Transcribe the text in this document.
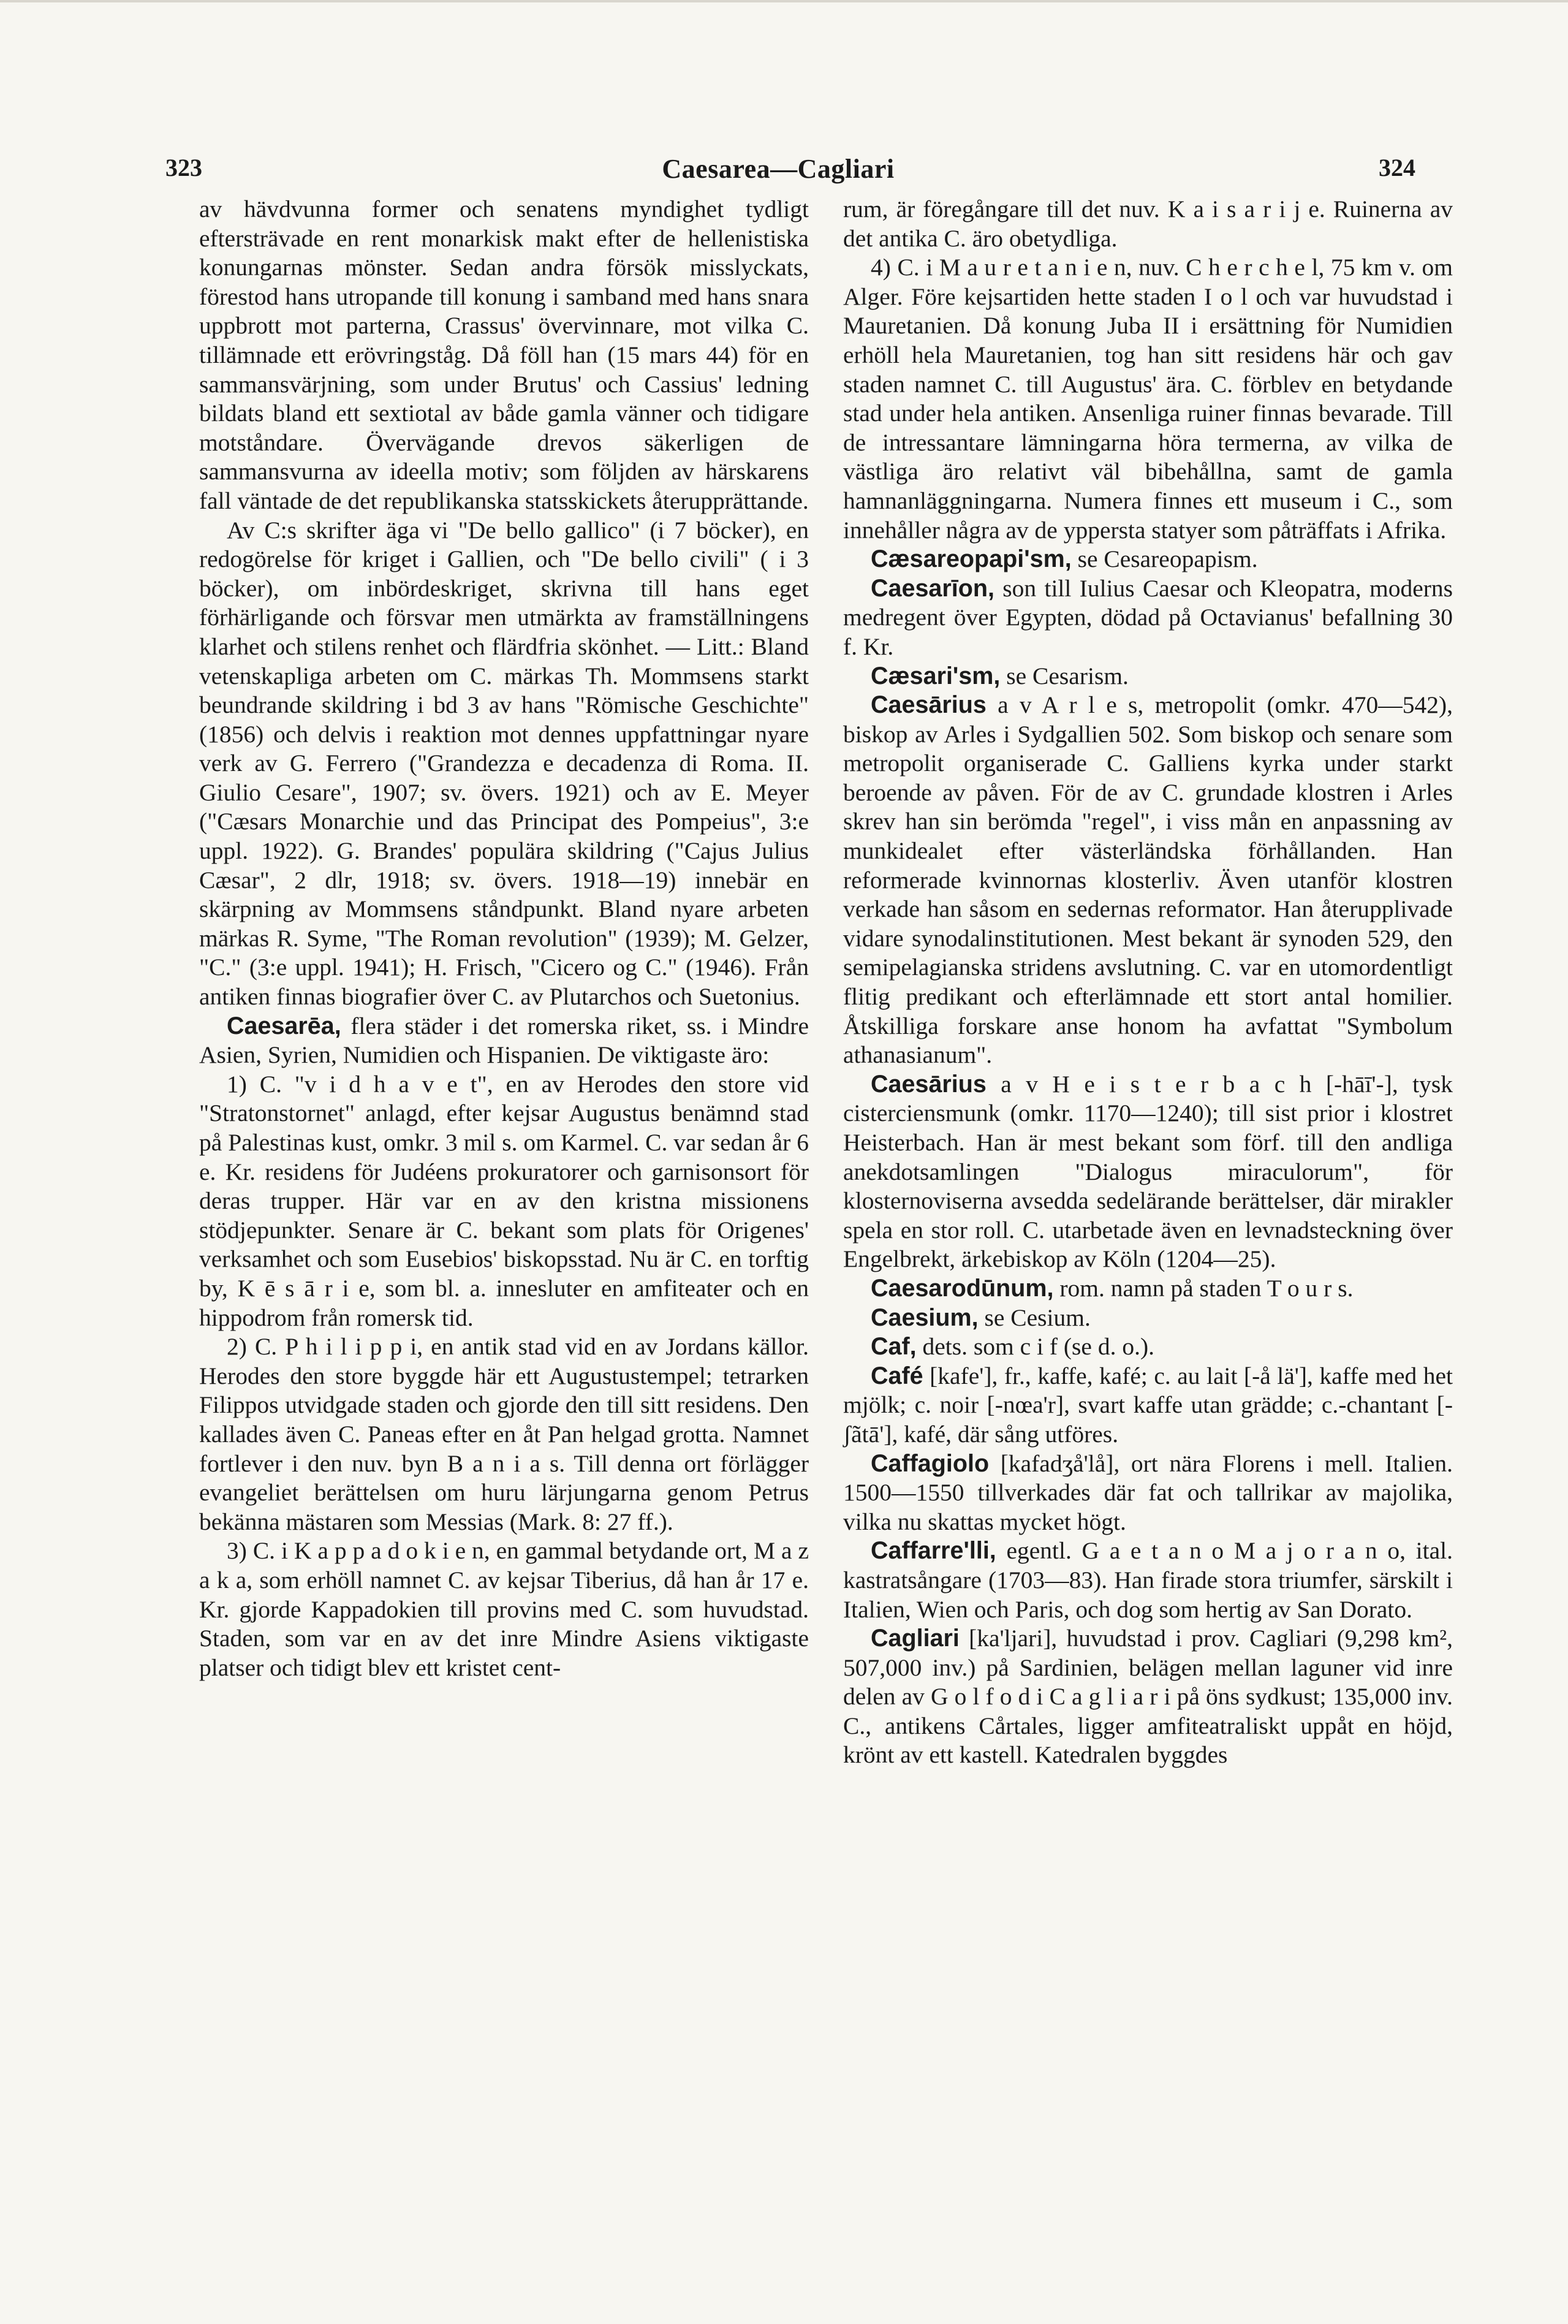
323	Caesarea—Cagliari	324

av hävdvunna former och senatens myndighet tydligt eftersträvade en rent monarkisk makt efter de hellenistiska konungarnas mönster. Sedan andra försök misslyckats, förestod hans utropande till konung i samband med hans snara uppbrott mot parterna, Crassus' övervinnare, mot vilka C. tillämnade ett erövringståg. Då föll han (15 mars 44) för en sammansvärjning, som under Brutus' och Cassius' ledning bildats bland ett sextiotal av både gamla vänner och tidigare motståndare. Övervägande drevos säkerligen de sammansvurna av ideella motiv; som följden av härskarens fall väntade de det republikanska statsskickets återupprättande.

Av C:s skrifter äga vi "De bello gallico" (i 7 böcker), en redogörelse för kriget i Gallien, och "De bello civili" ( i 3 böcker), om inbördeskriget, skrivna till hans eget förhärligande och försvar men utmärkta av framställningens klarhet och stilens renhet och flärdfria skönhet. — Litt.: Bland vetenskapliga arbeten om C. märkas Th. Mommsens starkt beundrande skildring i bd 3 av hans "Römische Geschichte" (1856) och delvis i reaktion mot dennes uppfattningar nyare verk av G. Ferrero ("Grandezza e decadenza di Roma. II. Giulio Cesare", 1907; sv. övers. 1921) och av E. Meyer ("Cæsars Monarchie und das Principat des Pompeius", 3:e uppl. 1922). G. Brandes' populära skildring ("Cajus Julius Cæsar", 2 dlr, 1918; sv. övers. 1918—19) innebär en skärpning av Mommsens ståndpunkt. Bland nyare arbeten märkas R. Syme, "The Roman revolution" (1939); M. Gelzer, "C." (3:e uppl. 1941); H. Frisch, "Cicero og C." (1946). Från antiken finnas biografier över C. av Plutarchos och Suetonius.

Caesarēa, flera städer i det romerska riket, ss. i Mindre Asien, Syrien, Numidien och Hispanien. De viktigaste äro:

1) C. "v i d h a v e t", en av Herodes den store vid "Stratonstornet" anlagd, efter kejsar Augustus benämnd stad på Palestinas kust, omkr. 3 mil s. om Karmel. C. var sedan år 6 e. Kr. residens för Judéens prokuratorer och garnisonsort för deras trupper. Här var en av den kristna missionens stödjepunkter. Senare är C. bekant som plats för Origenes' verksamhet och som Eusebios' biskopsstad. Nu är C. en torftig by, K ē s ā r i e, som bl. a. innesluter en amfiteater och en hippodrom från romersk tid.

2) C. P h i l i p p i, en antik stad vid en av Jordans källor. Herodes den store byggde här ett Augustustempel; tetrarken Filippos utvidgade staden och gjorde den till sitt residens. Den kallades även C. Paneas efter en åt Pan helgad grotta. Namnet fortlever i den nuv. byn B a n i a s. Till denna ort förlägger evangeliet berättelsen om huru lärjungarna genom Petrus bekänna mästaren som Messias (Mark. 8: 27 ff.).

3) C. i K a p p a d o k i e n, en gammal betydande ort, M a z a k a, som erhöll namnet C. av kejsar Tiberius, då han år 17 e. Kr. gjorde Kappadokien till provins med C. som huvudstad. Staden, som var en av det inre Mindre Asiens viktigaste platser och tidigt blev ett kristet cent-

rum, är föregångare till det nuv. K a i s a r i j e. Ruinerna av det antika C. äro obetydliga.

4) C. i M a u r e t a n i e n, nuv. C h e r c h e l, 75 km v. om Alger. Före kejsartiden hette staden I o l och var huvudstad i Mauretanien. Då konung Juba II i ersättning för Numidien erhöll hela Mauretanien, tog han sitt residens här och gav staden namnet C. till Augustus' ära. C. förblev en betydande stad under hela antiken. Ansenliga ruiner finnas bevarade. Till de intressantare lämningarna höra termerna, av vilka de västliga äro relativt väl bibehållna, samt de gamla hamnanläggningarna. Numera finnes ett museum i C., som innehåller några av de yppersta statyer som påträffats i Afrika.

Cæsareopapi'sm, se Cesareopapism.

Caesarīon, son till Iulius Caesar och Kleopatra, moderns medregent över Egypten, dödad på Octavianus' befallning 30 f. Kr.

Cæsari'sm, se Cesarism.

Caesārius a v A r l e s, metropolit (omkr. 470—542), biskop av Arles i Sydgallien 502. Som biskop och senare som metropolit organiserade C. Galliens kyrka under starkt beroende av påven. För de av C. grundade klostren i Arles skrev han sin berömda "regel", i viss mån en anpassning av munkidealet efter västerländska förhållanden. Han reformerade kvinnornas klosterliv. Även utanför klostren verkade han såsom en sedernas reformator. Han återupplivade vidare synodalinstitutionen. Mest bekant är synoden 529, den semipelagianska stridens avslutning. C. var en utomordentligt flitig predikant och efterlämnade ett stort antal homilier. Åtskilliga forskare anse honom ha avfattat "Symbolum athanasianum".

Caesārius a v H e i s t e r b a c h [-hāī'-], tysk cisterciensmunk (omkr. 1170—1240); till sist prior i klostret Heisterbach. Han är mest bekant som förf. till den andliga anekdotsamlingen "Dialogus miraculorum", för klosternoviserna avsedda sedelärande berättelser, där mirakler spela en stor roll. C. utarbetade även en levnadsteckning över Engelbrekt, ärkebiskop av Köln (1204—25).

Caesarodūnum, rom. namn på staden T o u r s.

Caesium, se Cesium.

Caf, dets. som c i f (se d. o.).

Café [kafe'], fr., kaffe, kafé; c. au lait [-å lä'], kaffe med het mjölk; c. noir [-nœa'r], svart kaffe utan grädde; c.-chantant [-ʃãtā'], kafé, där sång utföres.

Caffagiolo [kafadʒå'lå], ort nära Florens i mell. Italien. 1500—1550 tillverkades där fat och tallrikar av majolika, vilka nu skattas mycket högt.

Caffarre'lli, egentl. G a e t a n o M a j o r a n o, ital. kastratsångare (1703—83). Han firade stora triumfer, särskilt i Italien, Wien och Paris, och dog som hertig av San Dorato.

Cagliari [ka'ljari], huvudstad i prov. Cagliari (9,298 km², 507,000 inv.) på Sardinien, belägen mellan laguner vid inre delen av G o l f o d i C a g l i a r i på öns sydkust; 135,000 inv. C., antikens Cårtales, ligger amfiteatraliskt uppåt en höjd, krönt av ett kastell. Katedralen byggdes
